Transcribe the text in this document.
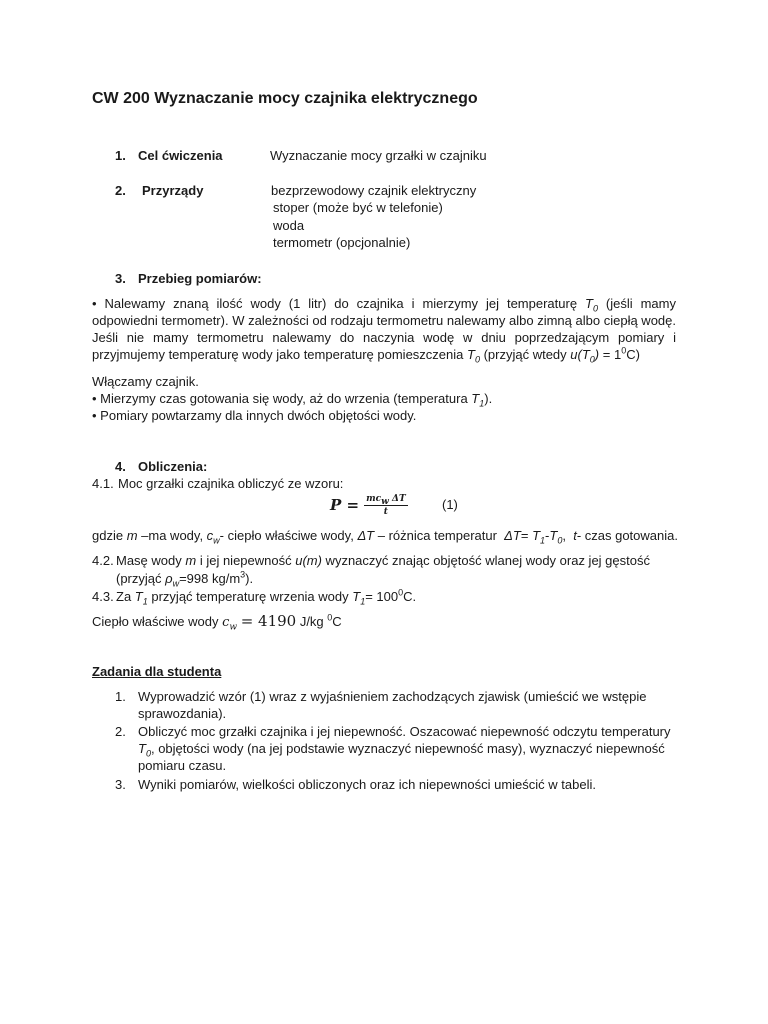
CW 200 Wyznaczanie mocy czajnika elektrycznego
1. Cel ćwiczenia	Wyznaczanie mocy grzałki w czajniku
2. Przyrządy	bezprzewodowy czajnik elektryczny
stoper (może być w telefonie)
woda
termometr (opcjonalnie)
3. Przebieg pomiarów:
• Nalewamy znaną ilość wody (1 litr) do czajnika i mierzymy jej temperaturę $T_0$ (jeśli mamy odpowiedni termometr). W zależności od rodzaju termometru nalewamy albo zimną albo ciepłą wodę. Jeśli nie mamy termometru nalewamy do naczynia wodę w dniu poprzedzającym pomiary i przyjmujemy temperaturę wody jako temperaturę pomieszczenia $T_0$ (przyjąć wtedy $u(T_0) = 1^0C$)
Włączamy czajnik.
• Mierzymy czas gotowania się wody, aż do wrzenia (temperatura $T_1$).
• Pomiary powtarzamy dla innych dwóch objętości wody.
4. Obliczenia:
4.1. Moc grzałki czajnika obliczyć ze wzoru:
$P = \frac{mc_w \Delta T}{t}$	(1)
gdzie m –ma wody, $c_w-$ ciepło właściwe wody, ΔT – różnica temperatur  $\Delta T= T_1-T_0$,  t- czas gotowania.
4.2. Masę wody m i jej niepewność u(m) wyznaczyć znając objętość wlanej wody oraz jej gęstość
(przyjąć $\rho_w=998$ $kg/m^3$).
4.3. Za $T_1$ przyjąć temperaturę wrzenia wody $T_1= 100^0C$.
Ciepło właściwe wody $c_w = 4190$ J/kg $^0$C
Zadania dla studenta
1. Wyprowadzić wzór (1) wraz z wyjaśnieniem zachodzących zjawisk (umieścić we wstępie
sprawozdania).
2. Obliczyć moc grzałki czajnika i jej niepewność. Oszacować niepewność odczytu temperatury
$T_0$, objętości wody (na jej podstawie wyznaczyć niepewność masy), wyznaczyć niepewność
pomiaru czasu.
3. Wyniki pomiarów, wielkości obliczonych oraz ich niepewności umieścić w tabeli.
